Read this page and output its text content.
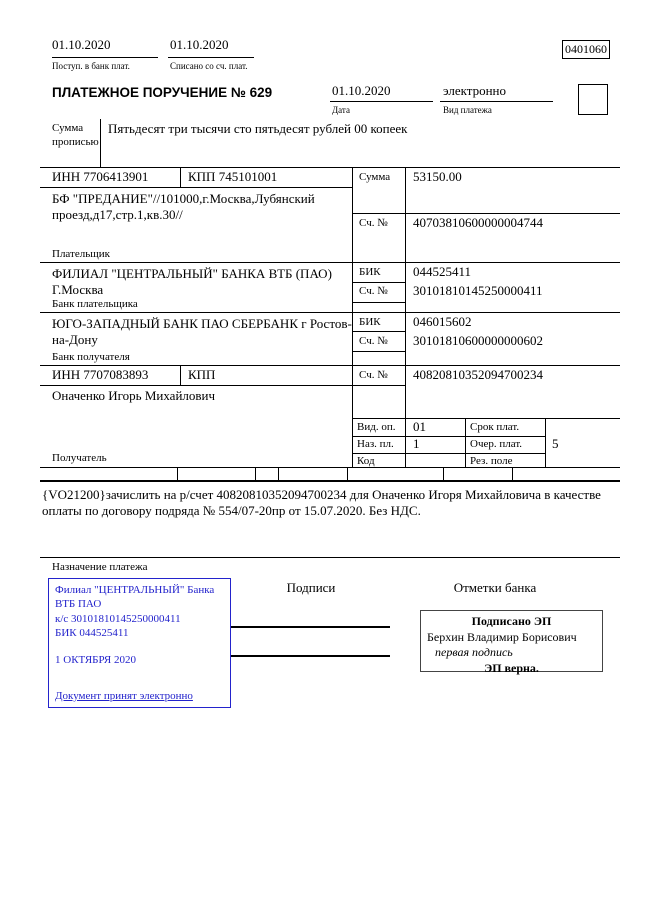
01.10.2020
Поступ. в банк плат.
01.10.2020
Списано со сч. плат.
0401060
ПЛАТЕЖНОЕ ПОРУЧЕНИЕ № 629	01.10.2020
Дата
электронно
Вид платежа
Сумма прописью
Пятьдесят три тысячи сто пятьдесят рублей 00 копеек
ИНН 7706413901	КПП 745101001
БФ "ПРЕДАНИЕ"//101000,г.Москва,Лубянский проезд,д17,стр.1,кв.30//
Плательщик
Сумма 53150.00
Сч. № 40703810600000004744
ФИЛИАЛ "ЦЕНТРАЛЬНЫЙ" БАНКА ВТБ (ПАО) Г.Москва
Банк плательщика
БИК 044525411
Сч. № 30101810145250000411
ЮГО-ЗАПАДНЫЙ БАНК ПАО СБЕРБАНК г Ростов-на-Дону
Банк получателя
БИК 046015602
Сч. № 30101810600000000602
ИНН 7707083893	КПП
Оначенко Игорь Михайлович
Получатель
Сч. № 40820810352094700234
Вид. оп. 01	Срок плат.
Наз. пл. 1	Очер. плат. 5
Код	Рез. поле
{VO21200}зачислить на р/счет 40820810352094700234 для Оначенко Игоря Михайловича в качестве оплаты по договору подряда № 554/07-20пр от 15.07.2020. Без НДС.
Назначение платежа
Подписи	Отметки банка
Филиал "ЦЕНТРАЛЬНЫЙ" Банка ВТБ ПАО
к/с 30101810145250000411
БИК 044525411
1 ОКТЯБРЯ 2020
Документ принят электронно
Подписано ЭП
Берхин Владимир Борисович
первая подпись
ЭП верна.
